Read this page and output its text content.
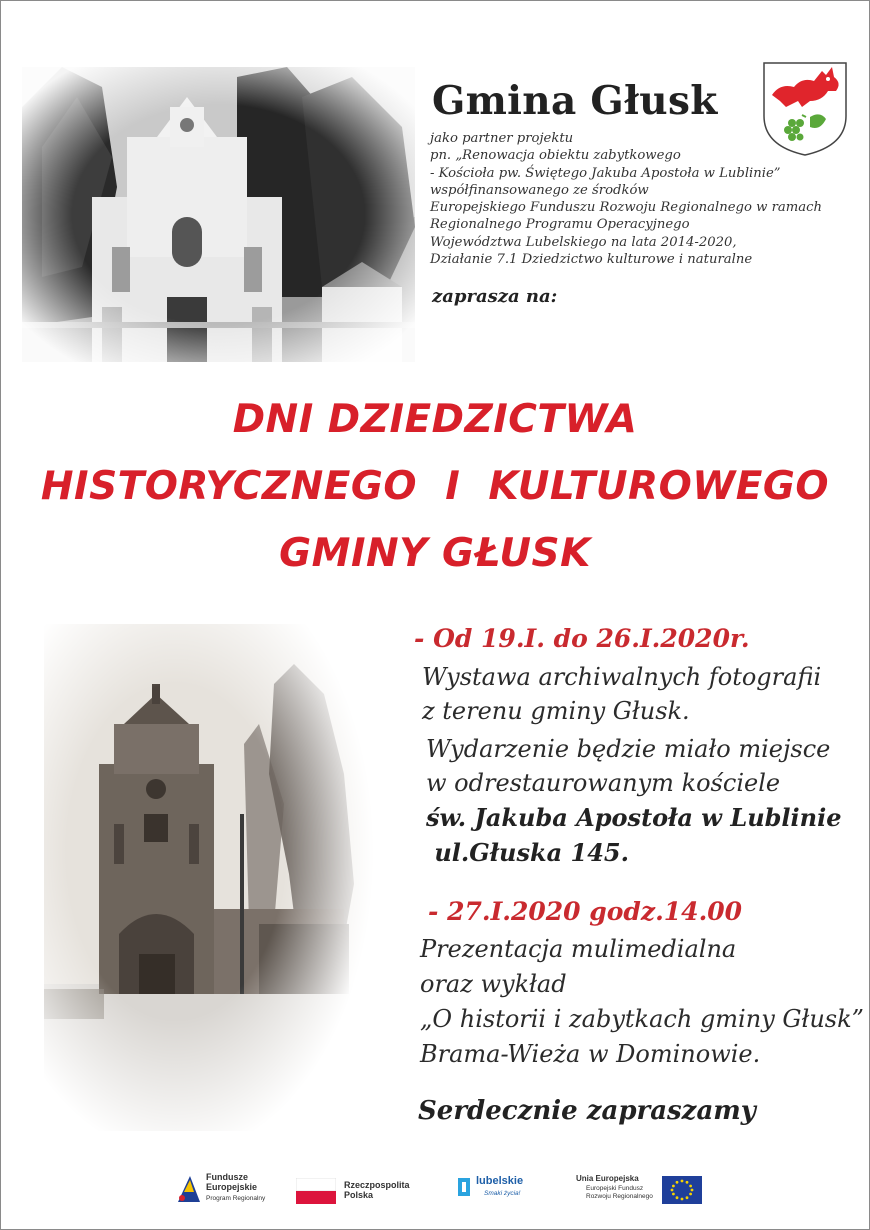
Gmina Głusk
jako partner projektu
pn. „Renowacja obiektu zabytkowego
- Kościoła pw. Świętego Jakuba Apostoła w Lublinie”
współfinansowanego ze środków
Europejskiego Funduszu Rozwoju Regionalnego w ramach
Regionalnego Programu Operacyjnego
Województwa Lubelskiego na lata 2014-2020,
Działanie 7.1 Dziedzictwo kulturowe i naturalne
zaprasza na:
DNI DZIEDZICTWA
HISTORYCZNEGO  I  KULTUROWEGO
GMINY GŁUSK
- Od 19.I. do 26.I.2020r.
Wystawa archiwalnych fotografii
z terenu gminy Głusk.
Wydarzenie będzie miało miejsce
w odrestaurowanym kościele
św. Jakuba Apostoła w Lublinie
ul.Głuska 145.
- 27.I.2020 godz.14.00
Prezentacja mulimedialna
oraz wykład
„O historii i zabytkach gminy Głusk”
Brama-Wieża w Dominowie.
Serdecznie zapraszamy
Fundusze
Europejskie
Program Regionalny
Rzeczpospolita
Polska
lubelskie
Smaki życia!
Unia Europejska
Europejski Fundusz
Rozwoju Regionalnego
